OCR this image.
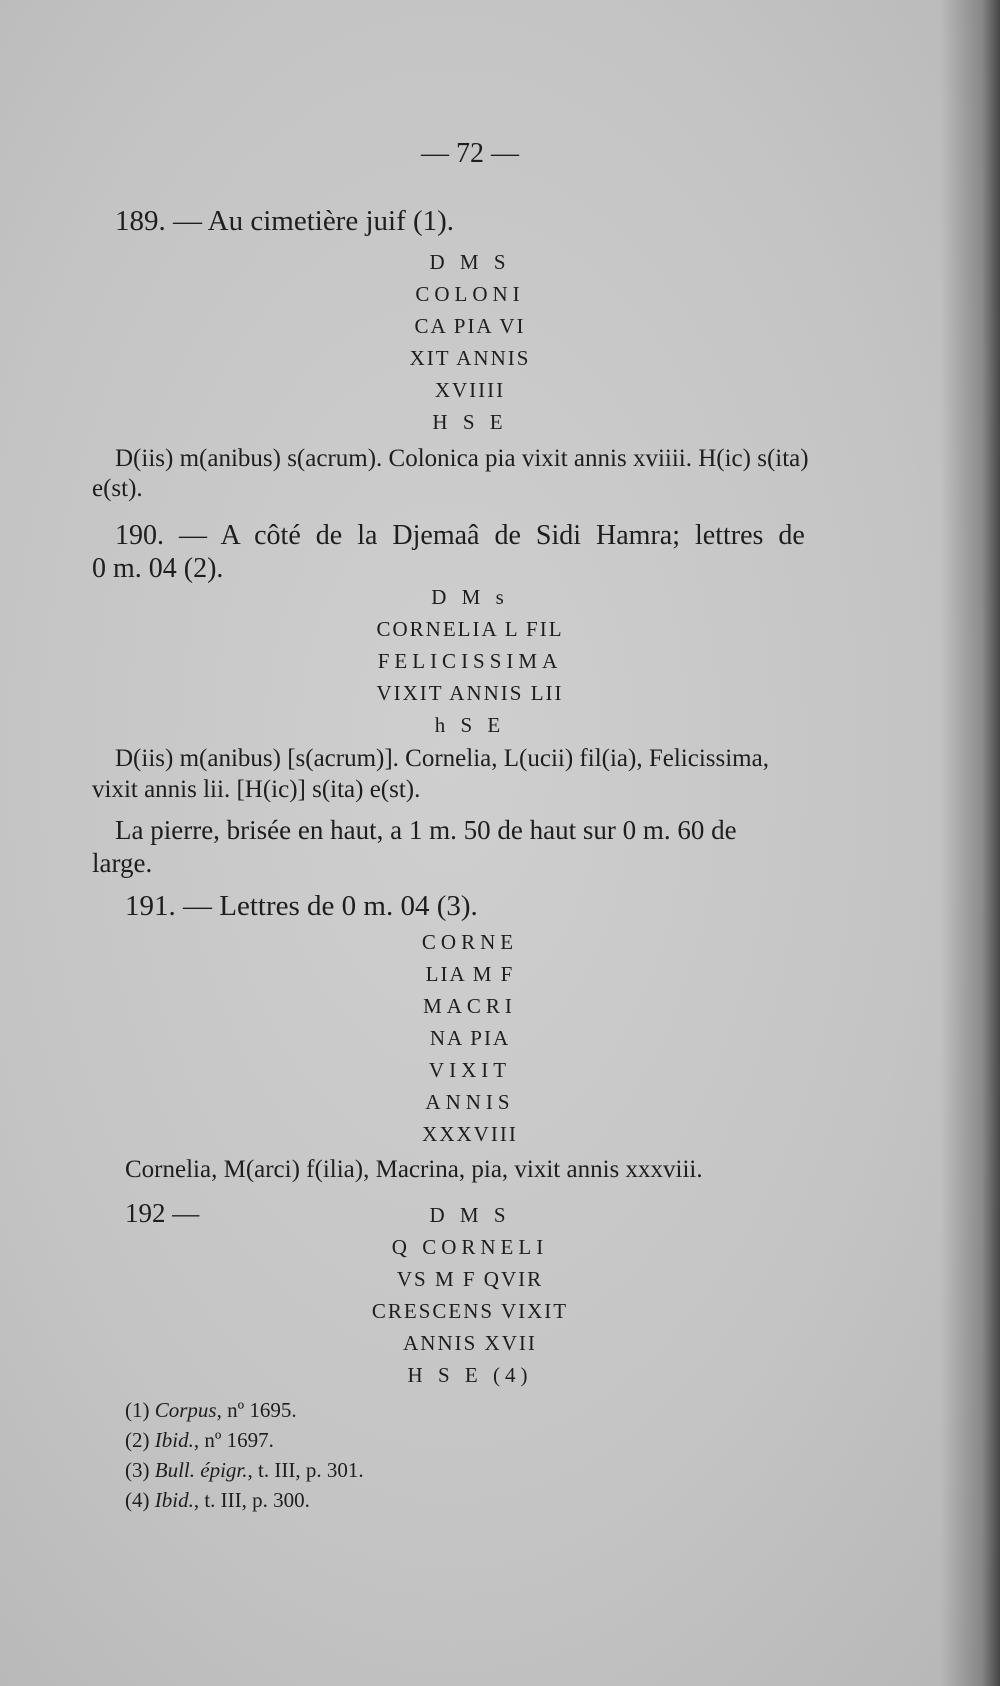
— 72 —
189. — Au cimetière juif (1).
D M S
COLONI
CA PIA VI
XIT ANNIS
XVIIII
H S E
D(iis) m(anibus) s(acrum). Colonica pia vixit annis xviiii. H(ic) s(ita)
e(st).
190. — A côté de la Djemaâ de Sidi Hamra; lettres de
0 m. 04 (2).
D M s
CORNELIA L FIL
FELICISSIMA
VIXIT ANNIS LII
h S E
D(iis) m(anibus) [s(acrum)]. Cornelia, L(ucii) fil(ia), Felicissima,
vixit annis lii. [H(ic)] s(ita) e(st).
La pierre, brisée en haut, a 1 m. 50 de haut sur 0 m. 60 de
large.
191. — Lettres de 0 m. 04 (3).
CORNE
LIA M F
MACRI
NA PIA
VIXIT
ANNIS
XXXVIII
Cornelia, M(arci) f(ilia), Macrina, pia, vixit annis xxxviii.
192 —	D M S
Q CORNELI
VS M F QVIR
CRESCENS VIXIT
ANNIS XVII
H S E (4)
(1) Corpus, nº 1695.
(2) Ibid., nº 1697.
(3) Bull. épigr., t. III, p. 301.
(4) Ibid., t. III, p. 300.
